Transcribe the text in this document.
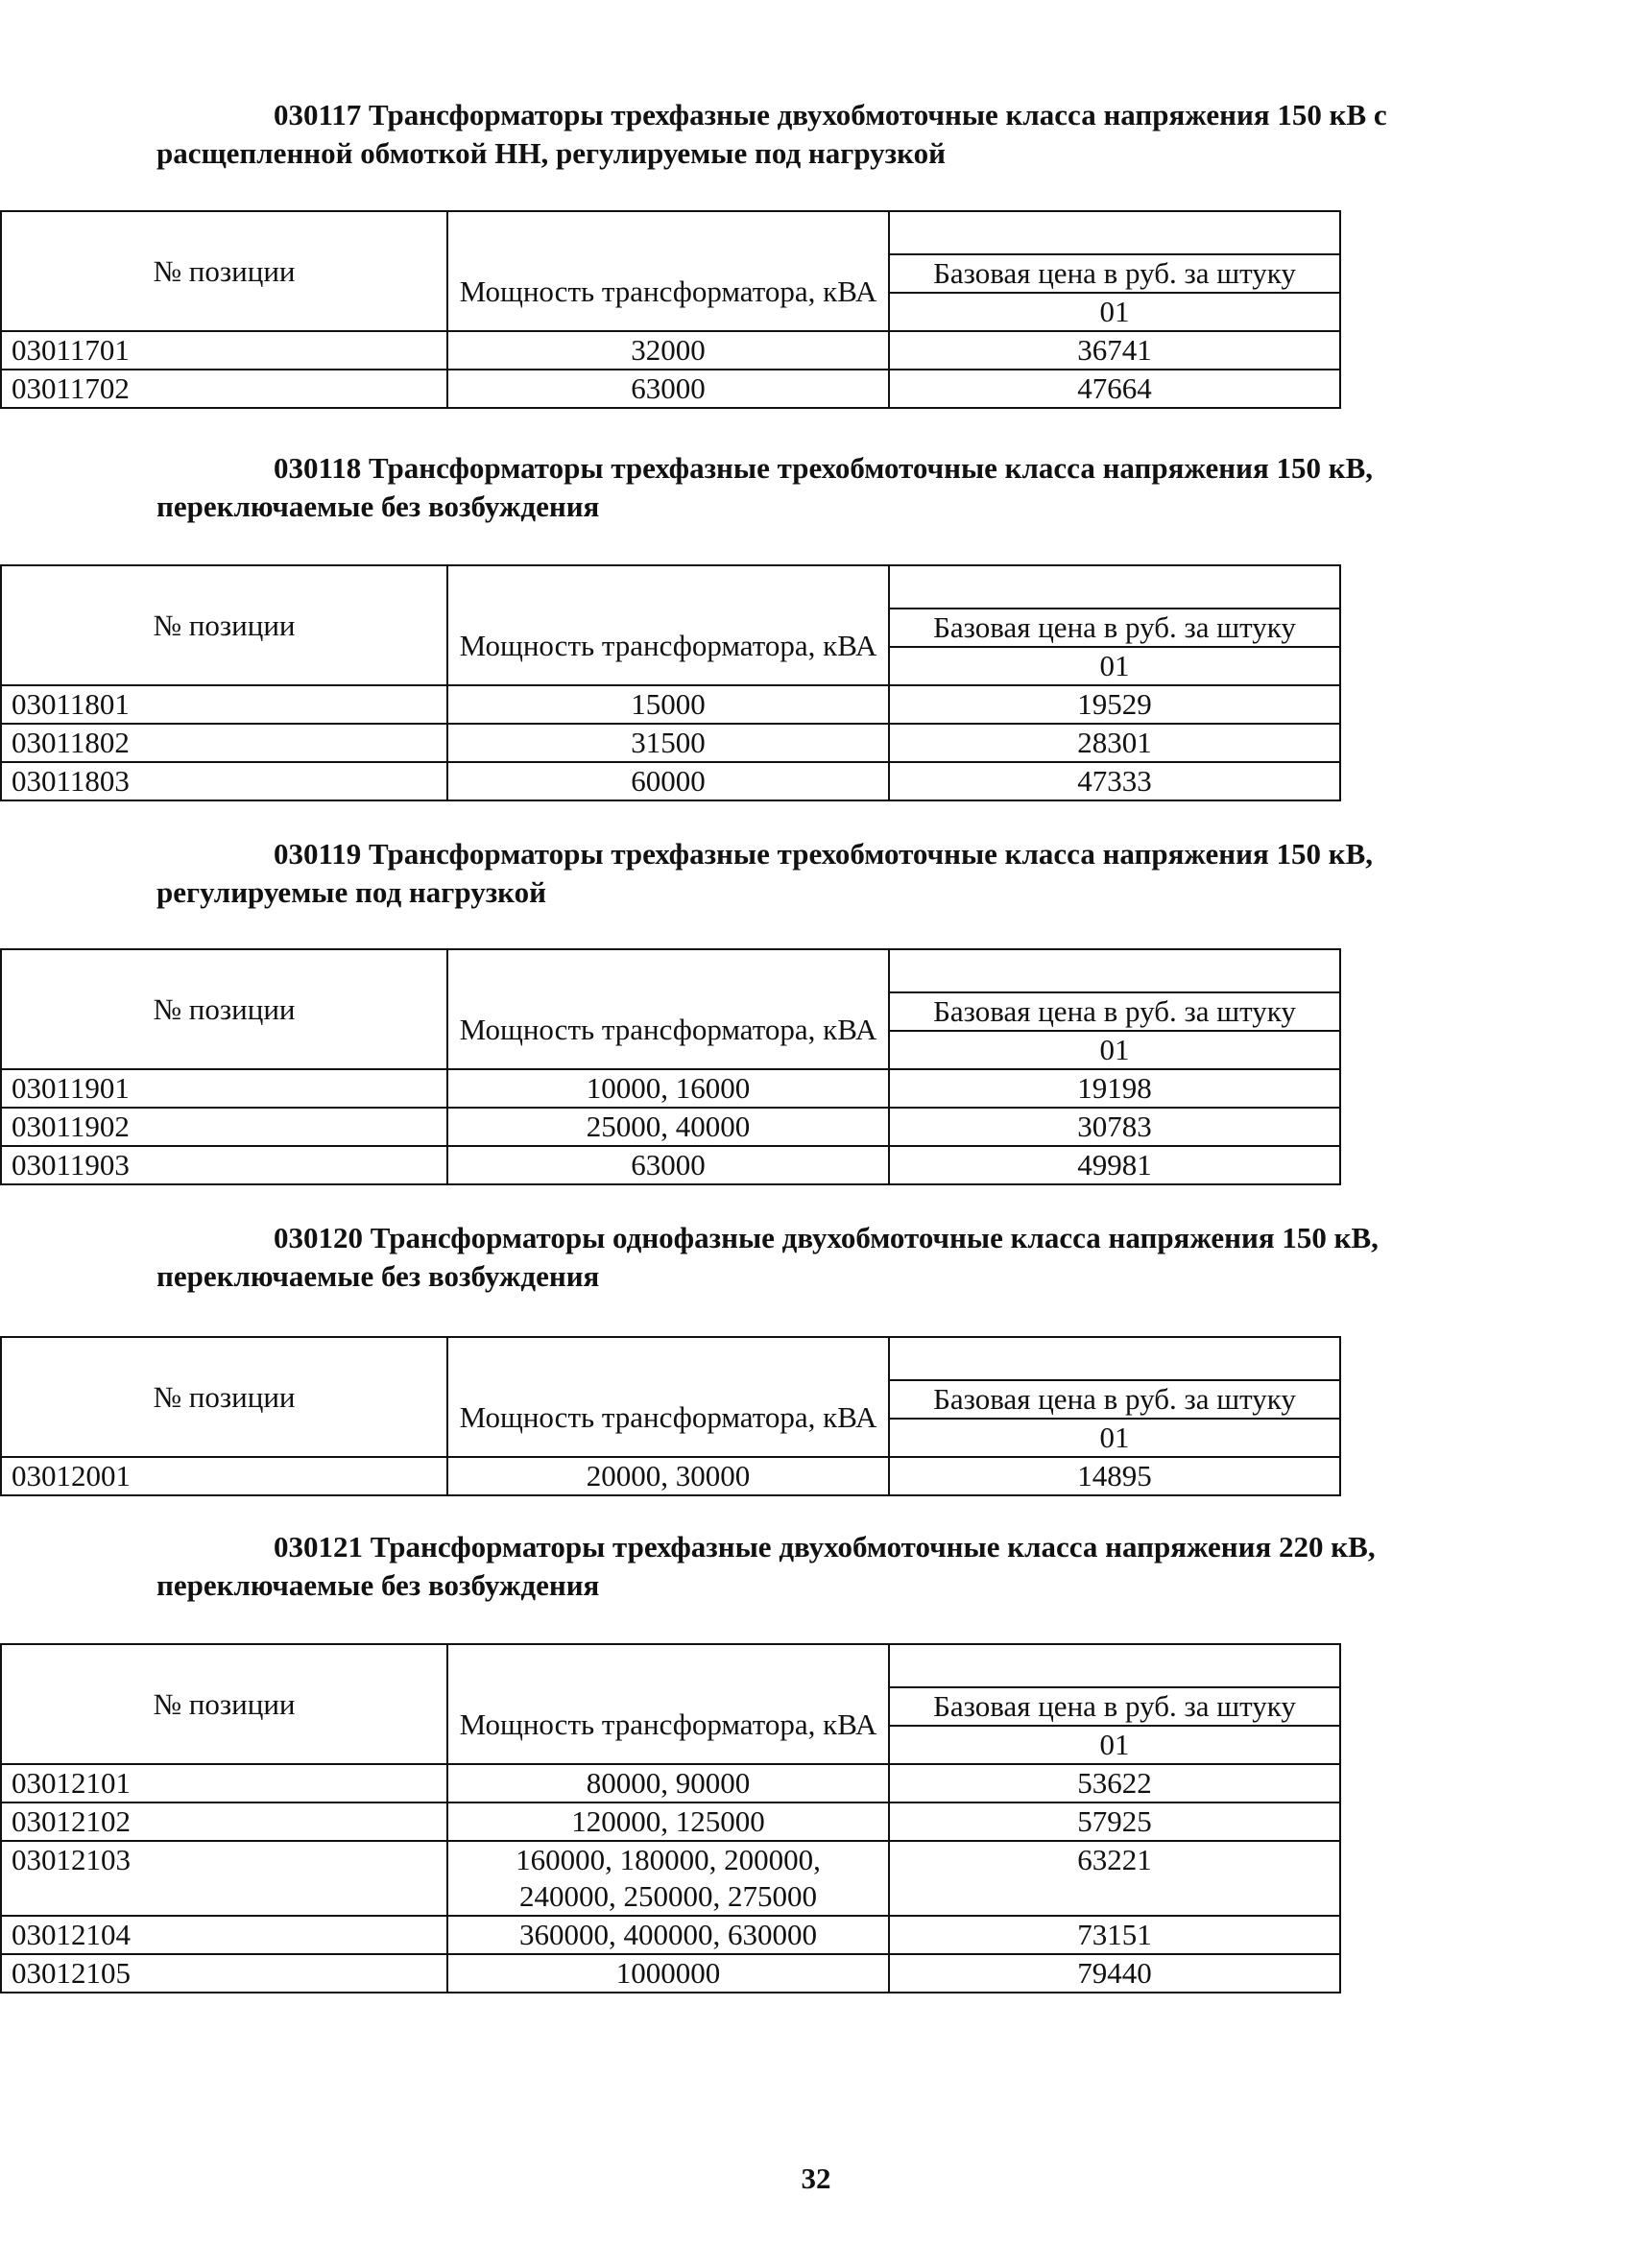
030117 Трансформаторы трехфазные двухобмоточные класса напряжения 150 кВ с расщепленной обмоткой НН, регулируемые под нагрузкой

№ позиции	Мощность трансформатора, кВА	
		Базовая цена в руб. за штуку
		01
03011701	32000	36741
03011702	63000	47664

030118 Трансформаторы трехфазные трехобмоточные класса напряжения 150 кВ, переключаемые без возбуждения

№ позиции	Мощность трансформатора, кВА	
		Базовая цена в руб. за штуку
		01
03011801	15000	19529
03011802	31500	28301
03011803	60000	47333

030119 Трансформаторы трехфазные трехобмоточные класса напряжения 150 кВ, регулируемые под нагрузкой

№ позиции	Мощность трансформатора, кВА	
		Базовая цена в руб. за штуку
		01
03011901	10000, 16000	19198
03011902	25000, 40000	30783
03011903	63000	49981

030120 Трансформаторы однофазные двухобмоточные класса напряжения 150 кВ, переключаемые без возбуждения

№ позиции	Мощность трансформатора, кВА	
		Базовая цена в руб. за штуку
		01
03012001	20000, 30000	14895

030121 Трансформаторы трехфазные двухобмоточные класса напряжения 220 кВ, переключаемые без возбуждения

№ позиции	Мощность трансформатора, кВА	
		Базовая цена в руб. за штуку
		01
03012101	80000, 90000	53622
03012102	120000, 125000	57925
03012103	160000, 180000, 200000, 240000, 250000, 275000	63221
03012104	360000, 400000, 630000	73151
03012105	1000000	79440
32
